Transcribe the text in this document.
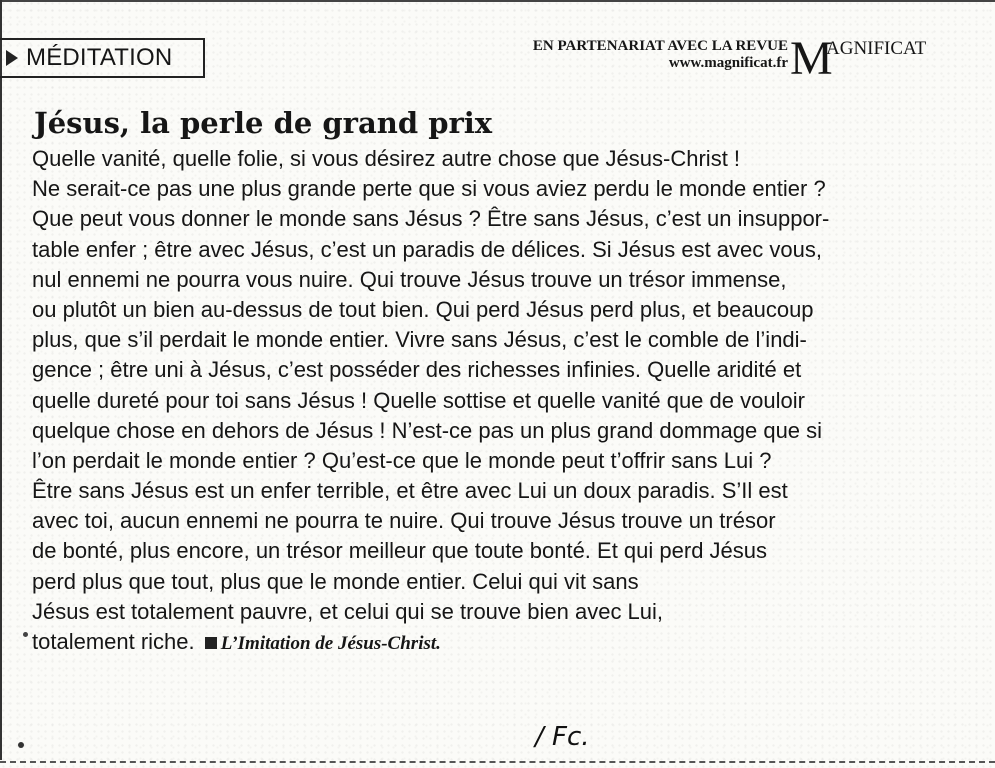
MÉDITATION	EN PARTENARIAT AVEC LA REVUE
www.magnificat.fr M
AGNIFICAT
Jésus, la perle de grand prix
Quelle vanité, quelle folie, si vous désirez autre chose que Jésus-Christ !
Ne serait-ce pas une plus grande perte que si vous aviez perdu le monde entier ?
Que peut vous donner le monde sans Jésus ? Être sans Jésus, c’est un insuppor-
table enfer ; être avec Jésus, c’est un paradis de délices. Si Jésus est avec vous,
nul ennemi ne pourra vous nuire. Qui trouve Jésus trouve un trésor immense,
ou plutôt un bien au-dessus de tout bien. Qui perd Jésus perd plus, et beaucoup
plus, que s’il perdait le monde entier. Vivre sans Jésus, c’est le comble de l’indi-
gence ; être uni à Jésus, c’est posséder des richesses infinies. Quelle aridité et
quelle dureté pour toi sans Jésus ! Quelle sottise et quelle vanité que de vouloir
quelque chose en dehors de Jésus ! N’est-ce pas un plus grand dommage que si
l’on perdait le monde entier ? Qu’est-ce que le monde peut t’offrir sans Lui ?
Être sans Jésus est un enfer terrible, et être avec Lui un doux paradis. S’Il est
avec toi, aucun ennemi ne pourra te nuire. Qui trouve Jésus trouve un trésor
de bonté, plus encore, un trésor meilleur que toute bonté. Et qui perd Jésus
perd plus que tout, plus que le monde entier. Celui qui vit sans
Jésus est totalement pauvre, et celui qui se trouve bien avec Lui,
totalement riche. L’Imitation de Jésus-Christ.
/ Fc.
